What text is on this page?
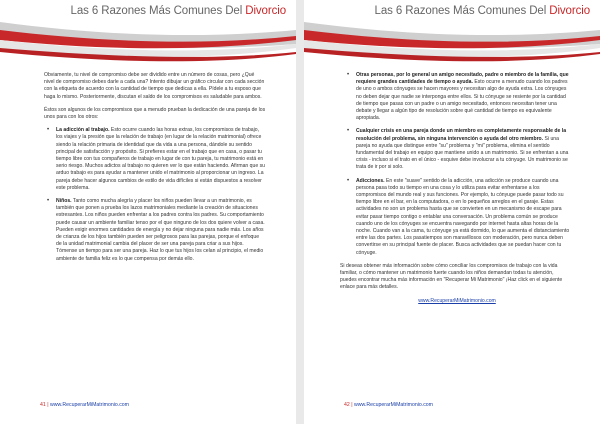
Las 6 Razones Más Comunes Del Divorcio

Obviamente, tu nivel de compromiso debe ser dividido entre un número de cosas, pero ¿Qué nivel de compromiso debes darle a cada una? Intento dibujar un gráfico circular con cada sección con la etiqueta de acuerdo con la cantidad de tiempo que dedicas a ella. Pídele a tu esposo que haga lo mismo. Posteriormente, discutan el saldo de los compromisos es saludable para ambos.

Éstos son algunos de los compromisos que a menudo prueban la dedicación de una pareja de los unos para con los otros:

• La adicción al trabajo. Esto ocurre cuando las horas extras, los compromisos de trabajo, los viajes y la presión que la relación de trabajo (en lugar de la relación matrimonial) ofrece siendo la relación primaria de identidad que da vida a una persona, dándole su sentido principal de satisfacción y propósito. Si prefieres estar en el trabajo que en casa, o pasar tu tiempo libre con tus compañeros de trabajo en lugar de con tu pareja, tu matrimonio está en serio riesgo. Muchos adictos al trabajo no quieren ver lo que están haciendo. Afirman que su arduo trabajo es para ayudar a mantener unido el matrimonio al proporcionar un ingreso. La pareja debe hacer algunos cambios de estilo de vida difíciles si están dispuestos a resolver este problema.
• Niños. Tanto como mucha alegría y placer los niños pueden llevar a un matrimonio, es también que ponen a prueba los lazos matrimoniales mediante la creación de situaciones estresantes. Los niños pueden enfrentar a los padres contra los padres. Su comportamiento puede causar un ambiente familiar tenso por el que ninguno de los dos quiere volver a casa. Pueden exigir enormes cantidades de energía y no dejar ninguna para nadie más. Los años de crianza de los hijos también pueden ser peligrosos para las parejas, porque el enfoque de la unidad matrimonial cambia del placer de ser una pareja para criar a sus hijos. Tómense un tiempo para ser una pareja. Haz lo que tus hijos los celan al principio, el medio ambiente de familia feliz es lo que compensa por demás ello.
41 | www.RecuperarMiMatrimonio.com
Las 6 Razones Más Comunes Del Divorcio
• Otras personas, por lo general un amigo necesitado, padre o miembro de la familia, que requiere grandes cantidades de tiempo o ayuda. Esto ocurre a menudo cuando los padres de uno o ambos cónyuges se hacen mayores y necesitan algo de ayuda extra. Los cónyuges no deben dejar que nadie se interponga entre ellos. Si tu cónyuge se resiente por la cantidad de tiempo que pasas con un padre o un amigo necesitado, entonces necesitan tener una debate y llegar a algún tipo de resolución sobre qué cantidad de tiempo es equivalente apropiada.
• Cualquier crisis en una pareja donde un miembro es completamente responsable de la resolución del problema, sin ninguna intervención o ayuda del otro miembro. Si una pareja no ayuda que distingue entre "su" problema y "mi" problema, elimina el sentido fundamental del trabajo en equipo que mantiene unido a un matrimonio. Si se enfrentan a una crisis - incluso si el trato en el único - esquive debe involucrar a tu cónyuge. Un matrimonio se trata de ir por si solo.
• Adicciones. En este "suave" sentido de la adicción, una adicción se produce cuando una persona pasa todo su tiempo en una cosa y lo utiliza para evitar enfrentarse a los compromisos del mundo real y sus funciones. Por ejemplo, tu cónyuge puede pasar todo su tiempo libre en el bar, en la computadora, o en lo pequeños arreglos en el garaje. Estas actividades no son un problema hasta que se convierten en un mecanismo de escape para evitar pasar tiempo contigo o entablar una conversación. Un problema común se produce cuando uno de los cónyuges se encuentra navegando por internet hasta altas horas de la noche. Cuando van a la cama, tu cónyuge ya está dormido, lo que aumenta el distanciamiento entre las dos partes. Los pasatiempos son maravillosos con moderación, pero nunca deben convertirse en su principal fuente de placer. Busca actividades que se puedan hacer con tu cónyuge.

Si deseas obtener más información sobre cómo conciliar los compromisos de trabajo con la vida familiar, o cómo mantener un matrimonio fuerte cuando los niños demandan todas tu atención, puedes encontrar mucha más información en "Recuperar Mi Matrimonio" ¡Haz click en el siguiente enlace para más detalles.

www.RecuperarMiMatrimonio.com

42 | www.RecuperarMiMatrimonio.com
